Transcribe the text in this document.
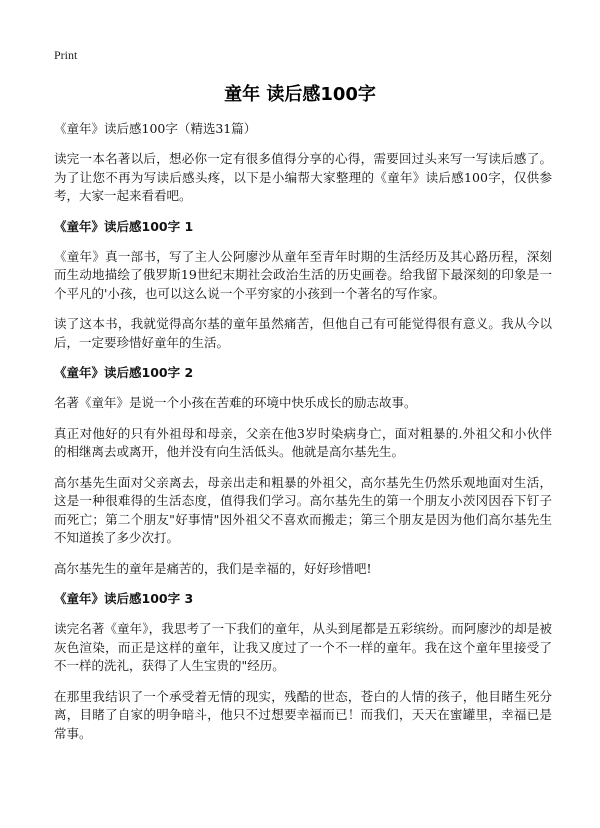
Print
童年 读后感100字

《童年》读后感100字（精选31篇）

读完一本名著以后，想必你一定有很多值得分享的心得，需要回过头来写一写读后感了。为了让您不再为写读后感头疼，以下是小编帮大家整理的《童年》读后感100字，仅供参考，大家一起来看看吧。

《童年》读后感100字 1

《童年》真一部书，写了主人公阿廖沙从童年至青年时期的生活经历及其心路历程，深刻而生动地描绘了俄罗斯19世纪末期社会政治生活的历史画卷。给我留下最深刻的印象是一个平凡的'小孩，也可以这么说一个平穷家的小孩到一个著名的写作家。

读了这本书，我就觉得高尔基的童年虽然痛苦，但他自己有可能觉得很有意义。我从今以后，一定要珍惜好童年的生活。

《童年》读后感100字 2

名著《童年》是说一个小孩在苦难的环境中快乐成长的励志故事。

真正对他好的只有外祖母和母亲，父亲在他3岁时染病身亡，面对粗暴的.外祖父和小伙伴的相继离去或离开，他并没有向生活低头。他就是高尔基先生。

高尔基先生面对父亲离去，母亲出走和粗暴的外祖父，高尔基先生仍然乐观地面对生活，这是一种很难得的生活态度，值得我们学习。高尔基先生的第一个朋友小茨冈因吞下钉子而死亡；第二个朋友"好事情"因外祖父不喜欢而搬走；第三个朋友是因为他们高尔基先生不知道挨了多少次打。

高尔基先生的童年是痛苦的，我们是幸福的，好好珍惜吧!

《童年》读后感100字 3

读完名著《童年》，我思考了一下我们的童年，从头到尾都是五彩缤纷。而阿廖沙的却是被灰色渲染，而正是这样的童年，让我又度过了一个不一样的童年。我在这个童年里接受了不一样的洗礼，获得了人生宝贵的"经历。

在那里我结识了一个承受着无情的现实，残酷的世态，苍白的人情的孩子，他目睹生死分离，目睹了自家的明争暗斗，他只不过想要幸福而已！而我们，天天在蜜罐里，幸福已是常事。
